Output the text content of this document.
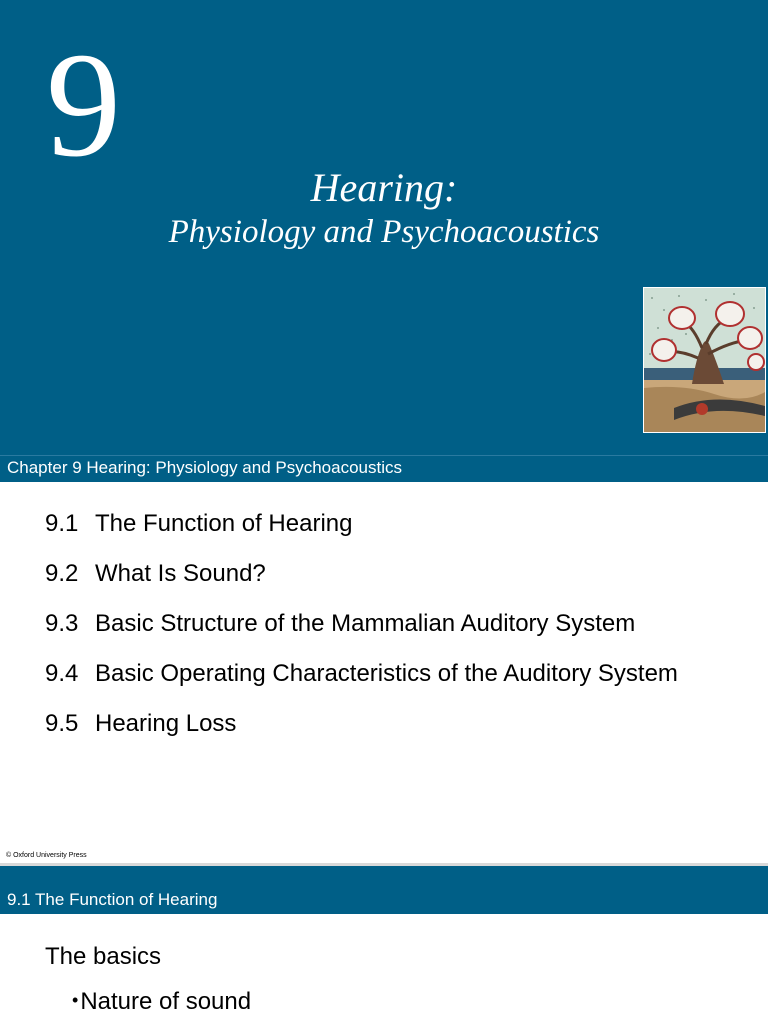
9	Hearing:
Physiology and Psychoacoustics
Chapter 9 Hearing: Physiology and Psychoacoustics
9.1 The Function of Hearing
9.2 What Is Sound?
9.3 Basic Structure of the Mammalian Auditory System
9.4 Basic Operating Characteristics of the Auditory System
9.5 Hearing Loss
© Oxford University Press
9.1 The Function of Hearing
The basics
•Nature of sound
